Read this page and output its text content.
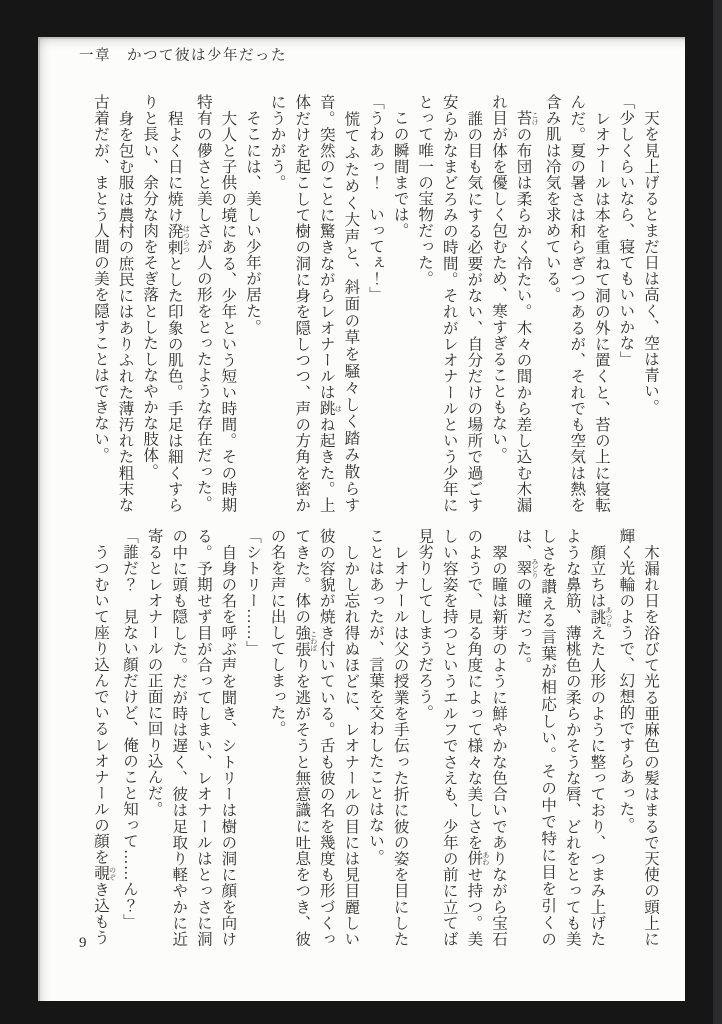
一章　かつて彼は少年だった

　天を見上げるとまだ日は高く、空は青い。

「少しくらいなら、寝てもいいかな」

　レオナールは本を重ねて洞の外に置くと、苔の上に寝転んだ。夏の暑さは和らぎつつあるが、それでも空気は熱を含み肌は冷気を求めている。

　苔 こけの布団は柔らかく冷たい。木々の間から差し込む木漏れ目が体を優しく包むため、寒すぎることもない。

　誰の目も気にする必要がない、自分だけの場所で過ごす安らかなまどろみの時間。それがレオナールという少年にとって唯一の宝物だった。

　この瞬間までは。

「うわあっ！　いってぇ！」

　慌てふためく大声と、斜面の草を騒々しく踏み散らす音。突然のことに驚きながらレオナールは跳 はね起きた。上体だけを起こして樹の洞に身を隠しつつ、声の方角を密かにうかがう。

　そこには、美しい少年が居た。

　大人と子供の境にある、少年という短い時間。その時期特有の儚さと美しさが人の形をとったような存在だった。

　程よく日に焼け溌剌 はつらつとした印象の肌色。手足は細くすらりと長い、余分な肉をそぎ落としたしなやかな肢体。

　身を包む服は農村の庶民にはありふれた薄汚れた粗末な古着だが、まとう人間の美を隠すことはできない。

　木漏れ日を浴びて光る亜麻色の髪はまるで天使の頭上に輝く光輪のようで、幻想的ですらあった。

　顔立ちは誂 あつらえた人形のように整っており、つまみ上げたような鼻筋、薄桃色の柔らかそうな唇、どれをとっても美しさを讃える言葉が相応しい。その中で特に目を引くのは、翠 みどりの瞳だった。

　翠の瞳は新芽のように鮮やかな色合いでありながら宝石のようで、見る角度によって様々な美しさを併 あわせ持つ。美しい容姿を持つというエルフでさえも、少年の前に立てば見劣りしてしまうだろう。

　レオナールは父の授業を手伝った折に彼の姿を目にしたことはあったが、言葉を交わしたことはない。

　しかし忘れ得ぬほどに、レオナールの目には見目麗しい彼の容貌が焼き付いている。舌も彼の名を幾度も形づくってきた。体の強張 こわばりを逃がそうと無意識に吐息をつき、彼の名を声に出してしまった。

「シトリー……」

　自身の名を呼ぶ声を聞き、シトリーは樹の洞に顔を向ける。予期せず目が合ってしまい、レオナールはとっさに洞の中に頭も隠した。だが時は遅く、彼は足取り軽やかに近寄るとレオナールの正面に回り込んだ。

「誰だ？　見ない顔だけど、俺のこと知って……ん？」

　うつむいて座り込んでいるレオナールの顔を覗 のぞき込もう

9
